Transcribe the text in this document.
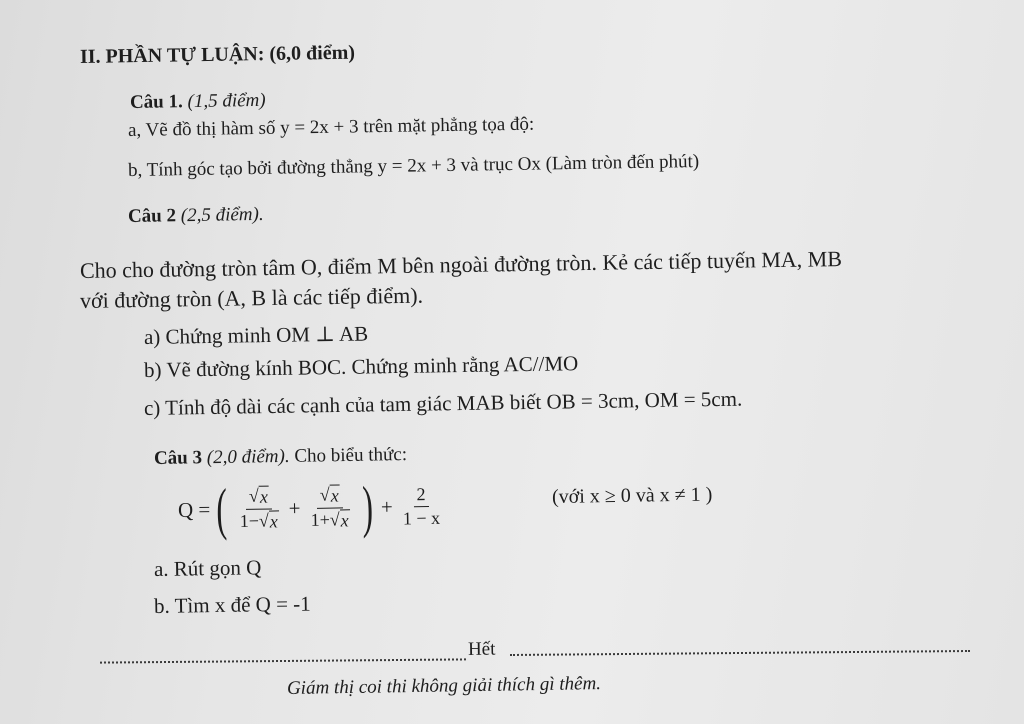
II. PHẦN TỰ LUẬN: (6,0 điểm)
Câu 1. (1,5 điểm)
a, Vẽ đồ thị hàm số y = 2x + 3 trên mặt phẳng tọa độ:
b, Tính góc tạo bởi đường thẳng y = 2x + 3 và trục Ox (Làm tròn đến phút)
Câu 2 (2,5 điểm).
Cho cho đường tròn tâm O, điểm M bên ngoài đường tròn. Kẻ các tiếp tuyến MA, MB
với đường tròn (A, B là các tiếp điểm).
a) Chứng minh OM ⊥ AB
b) Vẽ đường kính BOC. Chứng minh rằng AC//MO
c) Tính độ dài các cạnh của tam giác MAB biết OB = 3cm, OM = 5cm.
Câu 3 (2,0 điểm). Cho biểu thức:
Q = ( $\frac{√ x}{1- √ x} + \frac{√ x}{1+ √ x}$ ) + $\frac{2}{1 - x}$	(với x ≥ 0 và x ≠ 1 )
a. Rút gọn Q
b. Tìm x để Q = -1
Hết
Giám thị coi thi không giải thích gì thêm.
